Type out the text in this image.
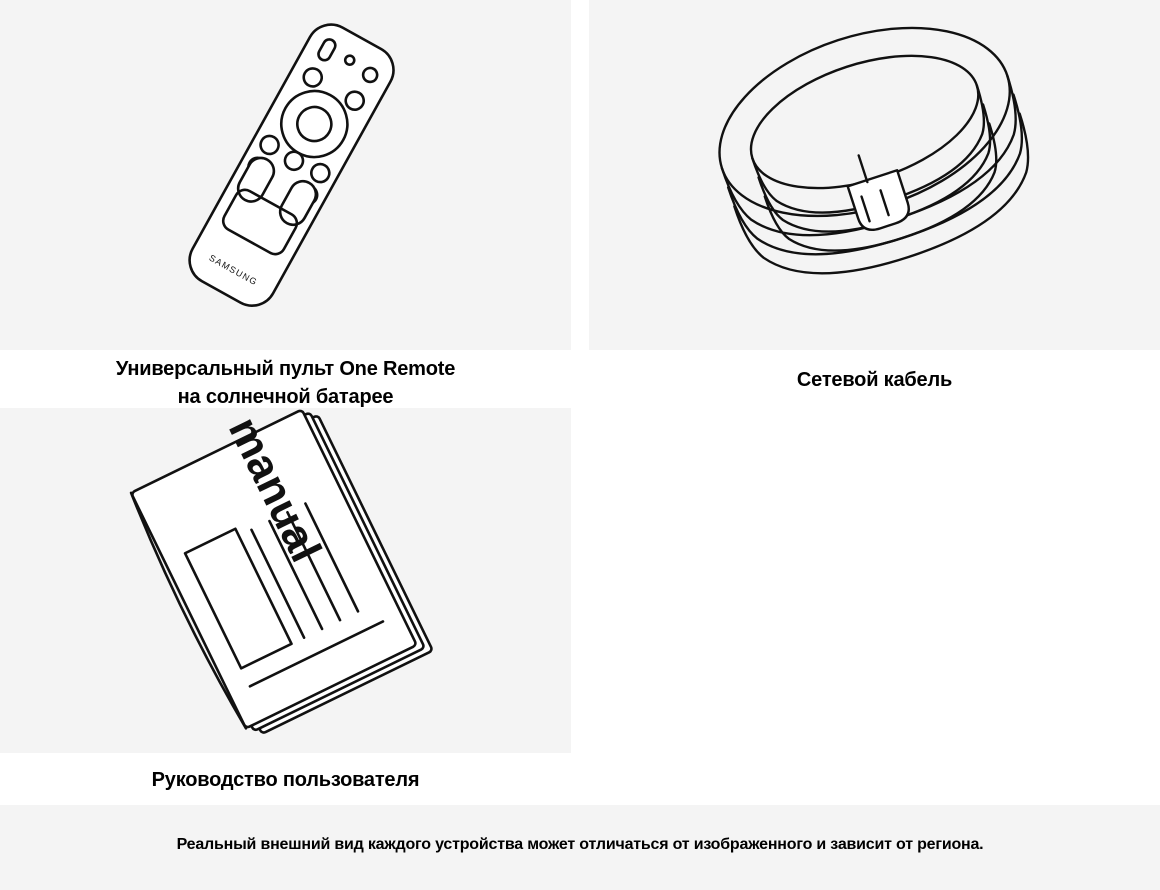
SAMSUNG
Универсальный пульт One Remote
на солнечной батарее
Сетевой кабель
manual
Руководство пользователя
Реальный внешний вид каждого устройства может отличаться от изображенного и зависит от региона.
